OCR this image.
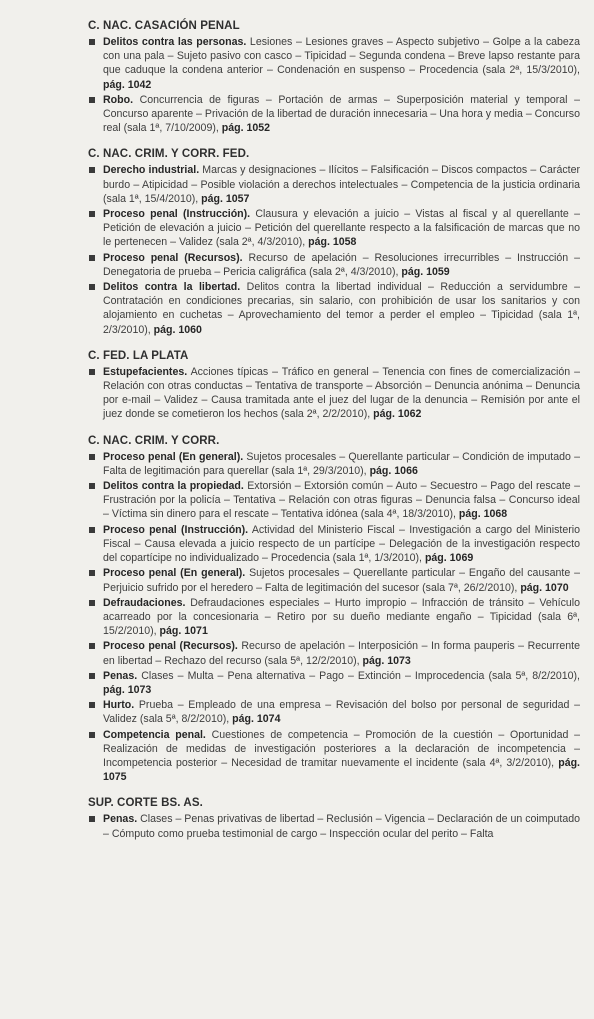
C. NAC. CASACIÓN PENAL
Delitos contra las personas. Lesiones – Lesiones graves – Aspecto subjetivo – Golpe a la cabeza con una pala – Sujeto pasivo con casco – Tipicidad – Segunda condena – Breve lapso restante para que caduque la condena anterior – Condenación en suspenso – Procedencia (sala 2ª, 15/3/2010), pág. 1042
Robo. Concurrencia de figuras – Portación de armas – Superposición material y temporal – Concurso aparente – Privación de la libertad de duración innecesaria – Una hora y media – Concurso real (sala 1ª, 7/10/2009), pág. 1052
C. NAC. CRIM. Y CORR. FED.
Derecho industrial. Marcas y designaciones – Ilícitos – Falsificación – Discos compactos – Carácter burdo – Atipicidad – Posible violación a derechos intelectuales – Competencia de la justicia ordinaria (sala 1ª, 15/4/2010), pág. 1057
Proceso penal (Instrucción). Clausura y elevación a juicio – Vistas al fiscal y al querellante – Petición de elevación a juicio – Petición del querellante respecto a la falsificación de marcas que no le pertenecen – Validez (sala 2ª, 4/3/2010), pág. 1058
Proceso penal (Recursos). Recurso de apelación – Resoluciones irrecurribles – Instrucción – Denegatoria de prueba – Pericia caligráfica (sala 2ª, 4/3/2010), pág. 1059
Delitos contra la libertad. Delitos contra la libertad individual – Reducción a servidumbre – Contratación en condiciones precarias, sin salario, con prohibición de usar los sanitarios y con alojamiento en cuchetas – Aprovechamiento del temor a perder el empleo – Tipicidad (sala 1ª, 2/3/2010), pág. 1060
C. FED. LA PLATA
Estupefacientes. Acciones típicas – Tráfico en general – Tenencia con fines de comercialización – Relación con otras conductas – Tentativa de transporte – Absorción – Denuncia anónima – Denuncia por e-mail – Validez – Causa tramitada ante el juez del lugar de la denuncia – Remisión por ante el juez donde se cometieron los hechos (sala 2ª, 2/2/2010), pág. 1062
C. NAC. CRIM. Y CORR.
Proceso penal (En general). Sujetos procesales – Querellante particular – Condición de imputado – Falta de legitimación para querellar (sala 1ª, 29/3/2010), pág. 1066
Delitos contra la propiedad. Extorsión – Extorsión común – Auto – Secuestro – Pago del rescate – Frustración por la policía – Tentativa – Relación con otras figuras – Denuncia falsa – Concurso ideal – Víctima sin dinero para el rescate – Tentativa idónea (sala 4ª, 18/3/2010), pág. 1068
Proceso penal (Instrucción). Actividad del Ministerio Fiscal – Investigación a cargo del Ministerio Fiscal – Causa elevada a juicio respecto de un partícipe – Delegación de la investigación respecto del copartícipe no individualizado – Procedencia (sala 1ª, 1/3/2010), pág. 1069
Proceso penal (En general). Sujetos procesales – Querellante particular – Engaño del causante – Perjuicio sufrido por el heredero – Falta de legitimación del sucesor (sala 7ª, 26/2/2010), pág. 1070
Defraudaciones. Defraudaciones especiales – Hurto impropio – Infracción de tránsito – Vehículo acarreado por la concesionaria – Retiro por su dueño mediante engaño – Tipicidad (sala 6ª, 15/2/2010), pág. 1071
Proceso penal (Recursos). Recurso de apelación – Interposición – In forma pauperis – Recurrente en libertad – Rechazo del recurso (sala 5ª, 12/2/2010), pág. 1073
Penas. Clases – Multa – Pena alternativa – Pago – Extinción – Improcedencia (sala 5ª, 8/2/2010), pág. 1073
Hurto. Prueba – Empleado de una empresa – Revisación del bolso por personal de seguridad – Validez (sala 5ª, 8/2/2010), pág. 1074
Competencia penal. Cuestiones de competencia – Promoción de la cuestión – Oportunidad – Realización de medidas de investigación posteriores a la declaración de incompetencia – Incompetencia posterior – Necesidad de tramitar nuevamente el incidente (sala 4ª, 3/2/2010), pág. 1075
SUP. CORTE BS. AS.
Penas. Clases – Penas privativas de libertad – Reclusión – Vigencia – Declaración de un coimputado – Cómputo como prueba testimonial de cargo – Inspección ocular del perito – Falta
